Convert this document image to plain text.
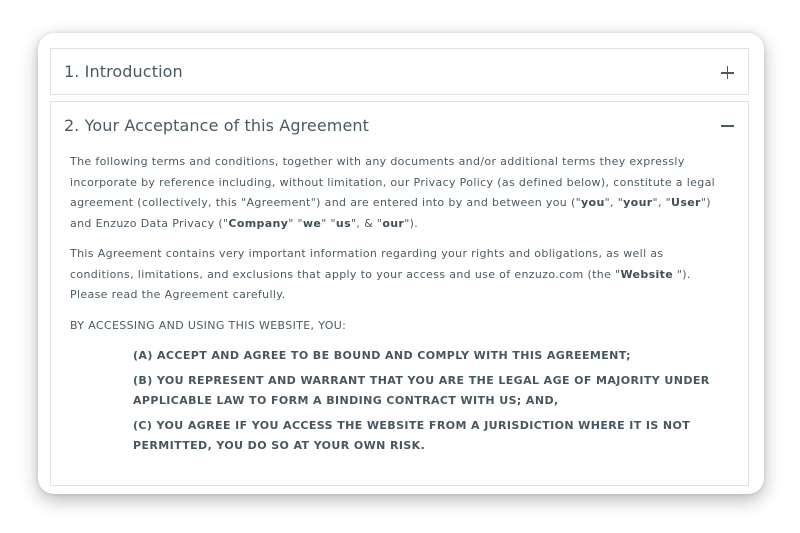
1. Introduction
2. Your Acceptance of this Agreement

The following terms and conditions, together with any documents and/or additional terms they expressly incorporate by reference including, without limitation, our Privacy Policy (as defined below), constitute a legal agreement (collectively, this "Agreement") and are entered into by and between you ("you", "your", "User") and Enzuzo Data Privacy ("Company" "we" "us", & "our").

This Agreement contains very important information regarding your rights and obligations, as well as conditions, limitations, and exclusions that apply to your access and use of enzuzo.com (the "Website "). Please read the Agreement carefully.

BY ACCESSING AND USING THIS WEBSITE, YOU:

(A) ACCEPT AND AGREE TO BE BOUND AND COMPLY WITH THIS AGREEMENT;
(B) YOU REPRESENT AND WARRANT THAT YOU ARE THE LEGAL AGE OF MAJORITY UNDER APPLICABLE LAW TO FORM A BINDING CONTRACT WITH US; AND,
(C) YOU AGREE IF YOU ACCESS THE WEBSITE FROM A JURISDICTION WHERE IT IS NOT PERMITTED, YOU DO SO AT YOUR OWN RISK.
